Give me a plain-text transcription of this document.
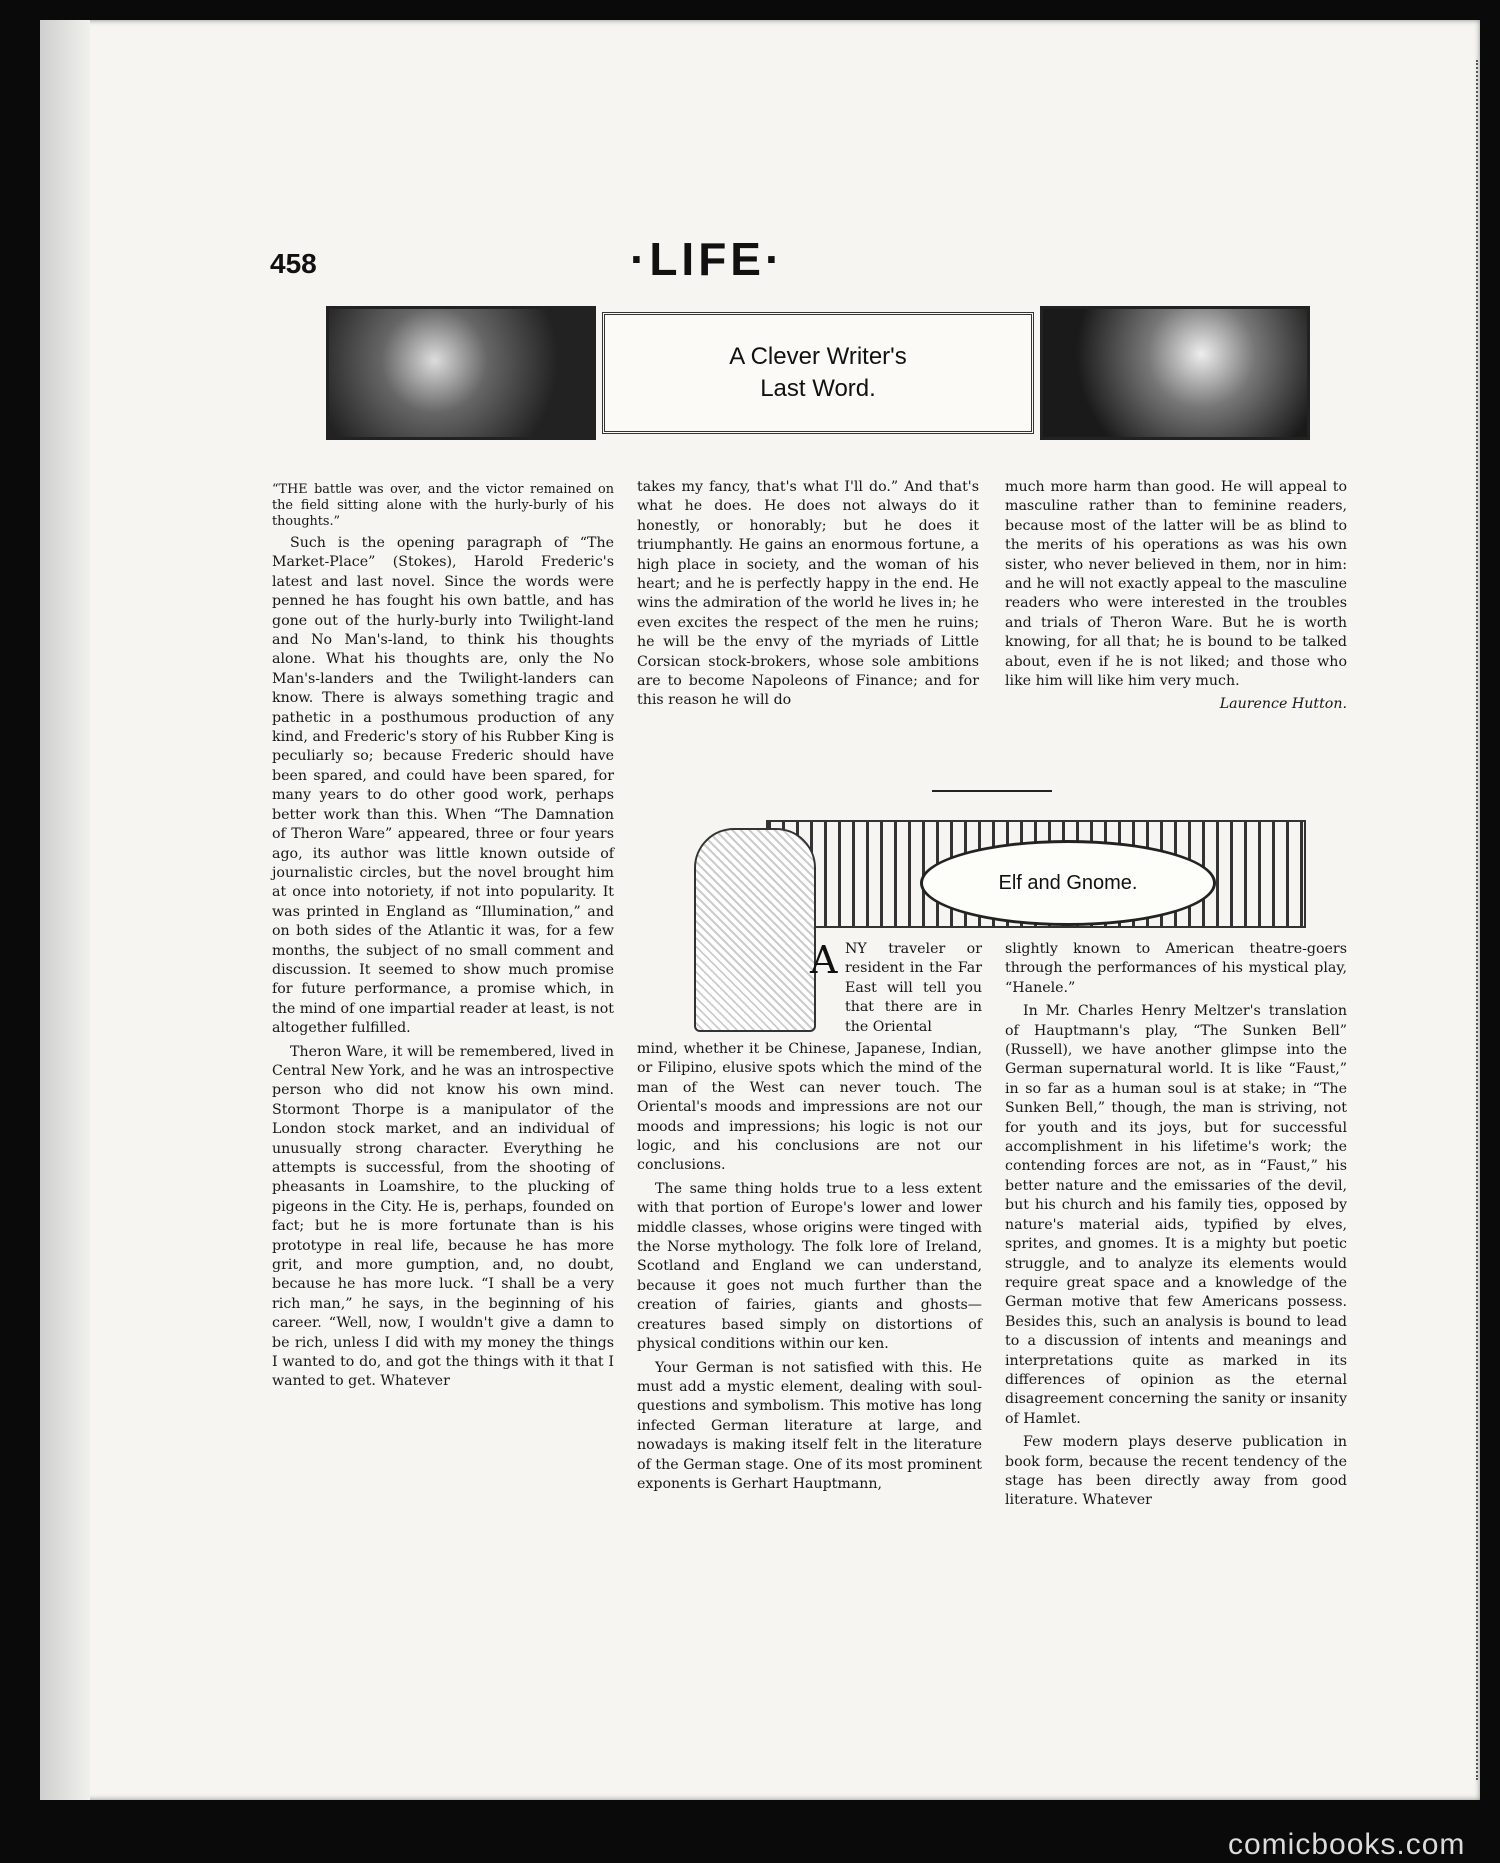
458	·LIFE·
A Clever Writer's Last Word.

“THE battle was over, and the victor remained on the field sitting alone with the hurly-burly of his thoughts.”

Such is the opening paragraph of “The Market-Place” (Stokes), Harold Frederic's latest and last novel. Since the words were penned he has fought his own battle, and has gone out of the hurly-burly into Twilight-land and No Man's-land, to think his thoughts alone. What his thoughts are, only the No Man's-landers and the Twilight-landers can know. There is always something tragic and pathetic in a posthumous production of any kind, and Frederic's story of his Rubber King is peculiarly so; because Frederic should have been spared, and could have been spared, for many years to do other good work, perhaps better work than this. When “The Damnation of Theron Ware” appeared, three or four years ago, its author was little known outside of journalistic circles, but the novel brought him at once into notoriety, if not into popularity. It was printed in England as “Illumination,” and on both sides of the Atlantic it was, for a few months, the subject of no small comment and discussion. It seemed to show much promise for future performance, a promise which, in the mind of one impartial reader at least, is not altogether fulfilled.

Theron Ware, it will be remembered, lived in Central New York, and he was an introspective person who did not know his own mind. Stormont Thorpe is a manipulator of the London stock market, and an individual of unusually strong character. Everything he attempts is successful, from the shooting of pheasants in Loamshire, to the plucking of pigeons in the City. He is, perhaps, founded on fact; but he is more fortunate than is his prototype in real life, because he has more grit, and more gumption, and, no doubt, because he has more luck. “I shall be a very rich man,” he says, in the beginning of his career. “Well, now, I wouldn't give a damn to be rich, unless I did with my money the things I wanted to do, and got the things with it that I wanted to get. Whatever

takes my fancy, that's what I'll do.” And that's what he does. He does not always do it honestly, or honorably; but he does it triumphantly. He gains an enormous fortune, a high place in society, and the woman of his heart; and he is perfectly happy in the end. He wins the admiration of the world he lives in; he even excites the respect of the men he ruins; he will be the envy of the myriads of Little Corsican stock-brokers, whose sole ambitions are to become Napoleons of Finance; and for this reason he will do

much more harm than good. He will appeal to masculine rather than to feminine readers, because most of the latter will be as blind to the merits of his operations as was his own sister, who never believed in them, nor in him: and he will not exactly appeal to the masculine readers who were interested in the troubles and trials of Theron Ware. But he is worth knowing, for all that; he is bound to be talked about, even if he is not liked; and those who like him will like him very much.

Laurence Hutton.

Elf and Gnome.
A NY traveler or resident in the Far East will tell you that there are in the Oriental

mind, whether it be Chinese, Japanese, Indian, or Filipino, elusive spots which the mind of the man of the West can never touch. The Oriental's moods and impressions are not our moods and impressions; his logic is not our logic, and his conclusions are not our conclusions.

The same thing holds true to a less extent with that portion of Europe's lower and lower middle classes, whose origins were tinged with the Norse mythology. The folk lore of Ireland, Scotland and England we can understand, because it goes not much further than the creation of fairies, giants and ghosts—creatures based simply on distortions of physical conditions within our ken.

Your German is not satisfied with this. He must add a mystic element, dealing with soul-questions and symbolism. This motive has long infected German literature at large, and nowadays is making itself felt in the literature of the German stage. One of its most prominent exponents is Gerhart Hauptmann,

slightly known to American theatre-goers through the performances of his mystical play, “Hanele.”

In Mr. Charles Henry Meltzer's translation of Hauptmann's play, “The Sunken Bell” (Russell), we have another glimpse into the German supernatural world. It is like “Faust,” in so far as a human soul is at stake; in “The Sunken Bell,” though, the man is striving, not for youth and its joys, but for successful accomplishment in his lifetime's work; the contending forces are not, as in “Faust,” his better nature and the emissaries of the devil, but his church and his family ties, opposed by nature's material aids, typified by elves, sprites, and gnomes. It is a mighty but poetic struggle, and to analyze its elements would require great space and a knowledge of the German motive that few Americans possess. Besides this, such an analysis is bound to lead to a discussion of intents and meanings and interpretations quite as marked in its differences of opinion as the eternal disagreement concerning the sanity or insanity of Hamlet.

Few modern plays deserve publication in book form, because the recent tendency of the stage has been directly away from good literature. Whatever

comicbooks.com
